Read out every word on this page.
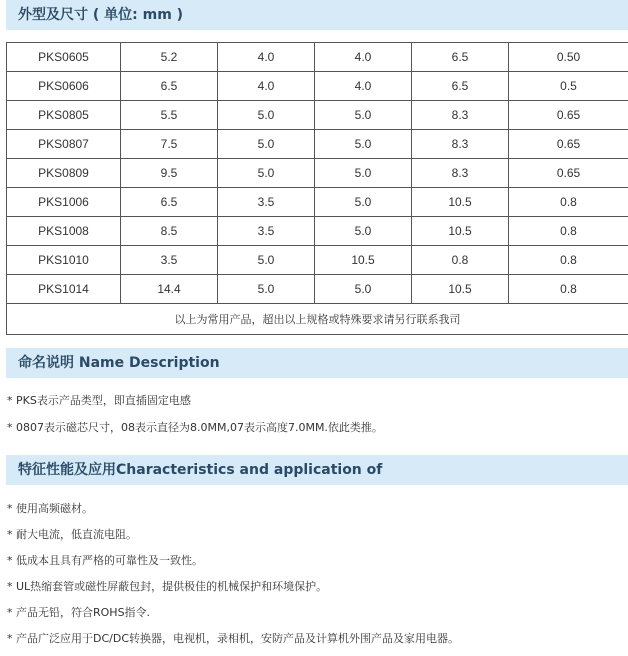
外型及尺寸 ( 单位: mm )
PKS0605	5.2	4.0	4.0	6.5	0.50
PKS0606	6.5	4.0	4.0	6.5	0.5
PKS0805	5.5	5.0	5.0	8.3	0.65
PKS0807	7.5	5.0	5.0	8.3	0.65
PKS0809	9.5	5.0	5.0	8.3	0.65
PKS1006	6.5	3.5	5.0	10.5	0.8
PKS1008	8.5	3.5	5.0	10.5	0.8
PKS1010	3.5	5.0	10.5	0.8	0.8
PKS1014	14.4	5.0	5.0	10.5	0.8
以上为常用产品，超出以上规格或特殊要求请另行联系我司					
命名说明 Name Description
* PKS表示产品类型，即直插固定电感
* 0807表示磁芯尺寸，08表示直径为8.0MM,07表示高度7.0MM.依此类推。
特征性能及应用Characteristics and application of
* 使用高频磁材。
* 耐大电流，低直流电阻。
* 低成本且具有严格的可靠性及一致性。
* UL热缩套管或磁性屏蔽包封，提供极佳的机械保护和环境保护。
* 产品无铅，符合ROHS指令.
* 产品广泛应用于DC/DC转换器，电视机，录相机，安防产品及计算机外围产品及家用电器。
